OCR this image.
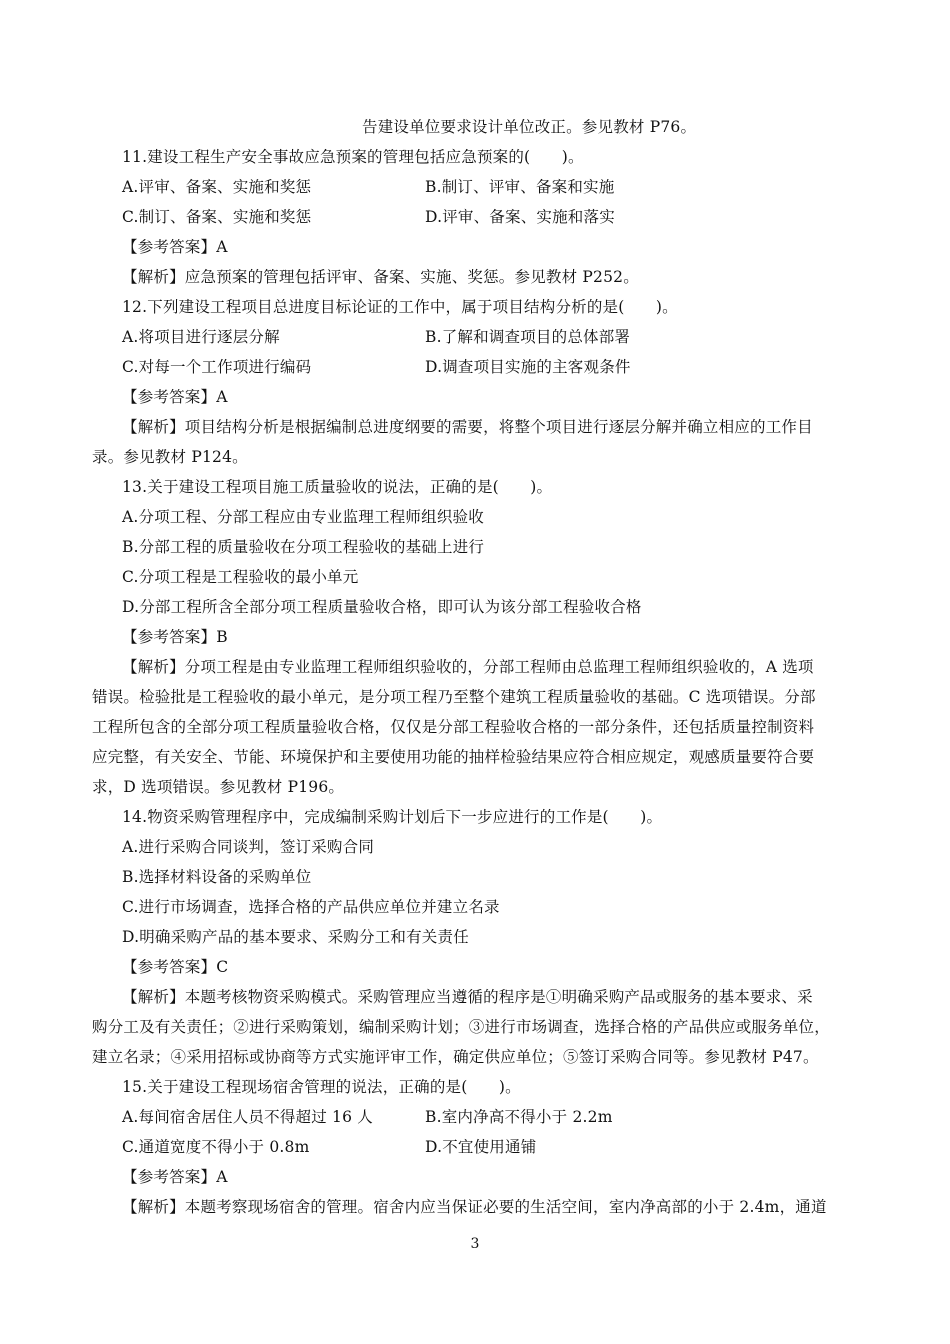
告建设单位要求设计单位改正。参见教材 P76。
11.建设工程生产安全事故应急预案的管理包括应急预案的(　　)。
A.评审、备案、实施和奖惩	B.制订、评审、备案和实施
C.制订、备案、实施和奖惩	D.评审、备案、实施和落实
【参考答案】A
【解析】应急预案的管理包括评审、备案、实施、奖惩。参见教材 P252。
12.下列建设工程项目总进度目标论证的工作中，属于项目结构分析的是(　　)。
A.将项目进行逐层分解	B.了解和调查项目的总体部署
C.对每一个工作项进行编码	D.调查项目实施的主客观条件
【参考答案】A
【解析】项目结构分析是根据编制总进度纲要的需要，将整个项目进行逐层分解并确立相应的工作目
录。参见教材 P124。
13.关于建设工程项目施工质量验收的说法，正确的是(　　)。
A.分项工程、分部工程应由专业监理工程师组织验收
B.分部工程的质量验收在分项工程验收的基础上进行
C.分项工程是工程验收的最小单元
D.分部工程所含全部分项工程质量验收合格，即可认为该分部工程验收合格
【参考答案】B
【解析】分项工程是由专业监理工程师组织验收的，分部工程师由总监理工程师组织验收的，A 选项
错误。检验批是工程验收的最小单元，是分项工程乃至整个建筑工程质量验收的基础。C 选项错误。分部
工程所包含的全部分项工程质量验收合格，仅仅是分部工程验收合格的一部分条件，还包括质量控制资料
应完整，有关安全、节能、环境保护和主要使用功能的抽样检验结果应符合相应规定，观感质量要符合要
求，D 选项错误。参见教材 P196。
14.物资采购管理程序中，完成编制采购计划后下一步应进行的工作是(　　)。
A.进行采购合同谈判，签订采购合同
B.选择材料设备的采购单位
C.进行市场调查，选择合格的产品供应单位并建立名录
D.明确采购产品的基本要求、采购分工和有关责任
【参考答案】C
【解析】本题考核物资采购模式。采购管理应当遵循的程序是①明确采购产品或服务的基本要求、采
购分工及有关责任；②进行采购策划，编制采购计划；③进行市场调查，选择合格的产品供应或服务单位，
建立名录；④采用招标或协商等方式实施评审工作，确定供应单位；⑤签订采购合同等。参见教材 P47。
15.关于建设工程现场宿舍管理的说法，正确的是(　　)。
A.每间宿舍居住人员不得超过 16 人	B.室内净高不得小于 2.2m
C.通道宽度不得小于 0.8m	D.不宜使用通铺
【参考答案】A
【解析】本题考察现场宿舍的管理。宿舍内应当保证必要的生活空间，室内净高部的小于 2.4m，通道
3
